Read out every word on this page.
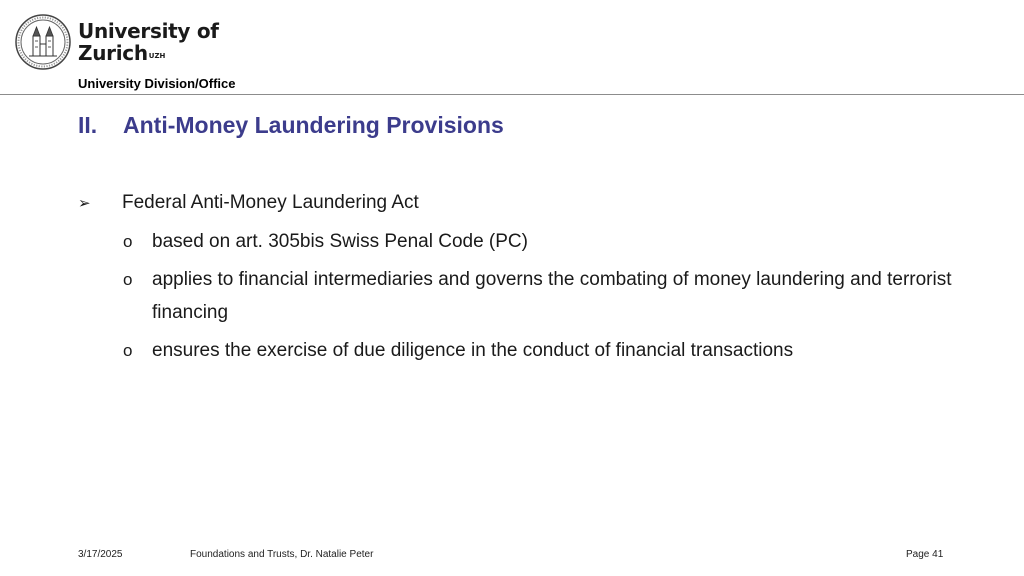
University of
Zurich$^{UZH}$
University Division/Office
II. Anti-Money Laundering Provisions
➢ Federal Anti-Money Laundering Act
o based on art. 305bis Swiss Penal Code (PC)
o applies to financial intermediaries and governs the combating of money laundering and terrorist financing
o ensures the exercise of due diligence in the conduct of financial transactions
3/17/2025	Foundations and Trusts, Dr. Natalie Peter	Page 41
